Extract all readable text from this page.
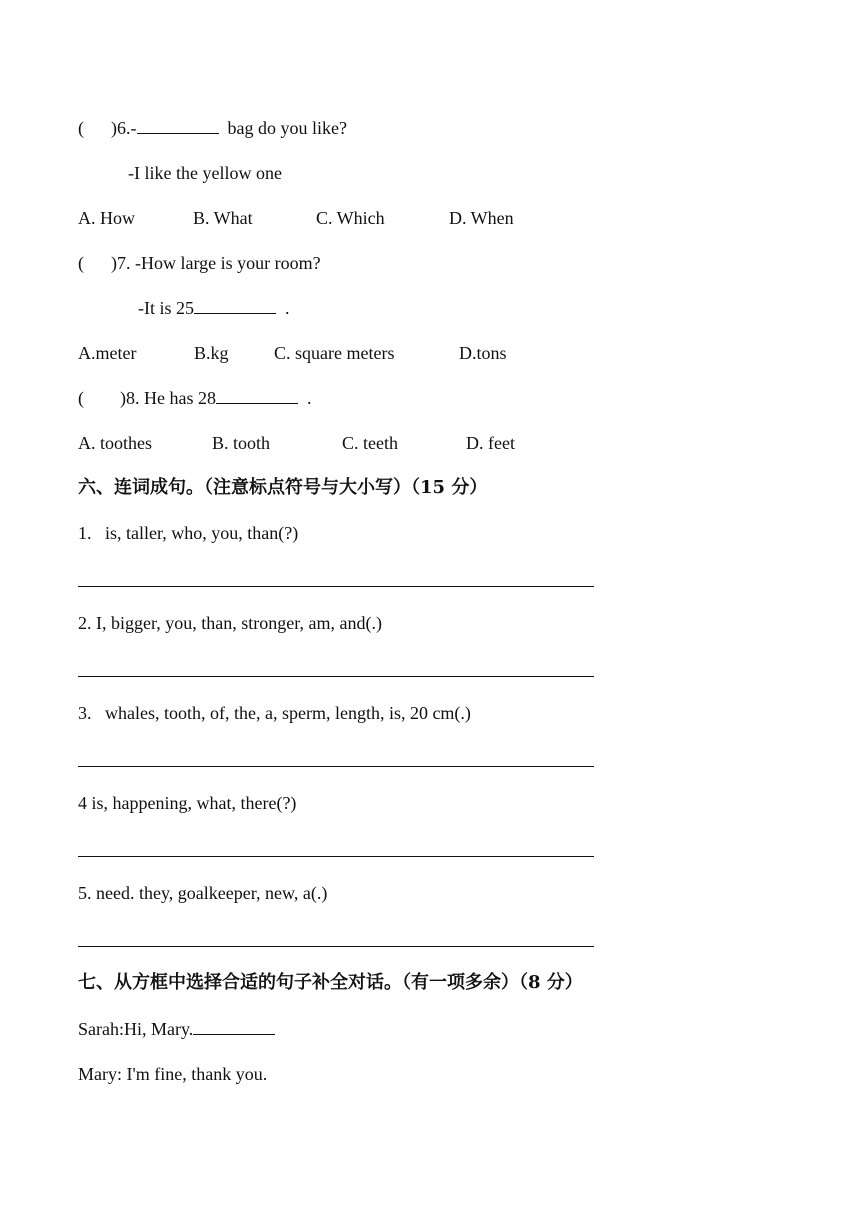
(      )6.-	bag do you like?
-I like the yellow one
A. How	B. What	C. Which	D. When
(      )7. -How large is your room?
-It is 25	.
A.meter	B.kg	C. square meters	D.tons
(        )8. He has 28	.
A. toothes	B. tooth	C. teeth	D. feet
六、连词成句。（注意标点符号与大小写）（15 分）
1.   is, taller, who, you, than(?)
2. I, bigger, you, than, stronger, am, and(.)
3.   whales, tooth, of, the, a, sperm, length, is, 20 cm(.)
4 is, happening, what, there(?)
5. need. they, goalkeeper, new, a(.)
七、从方框中选择合适的句子补全对话。（有一项多余）（8 分）
Sarah:Hi, Mary.
Mary: I'm fine, thank you.
